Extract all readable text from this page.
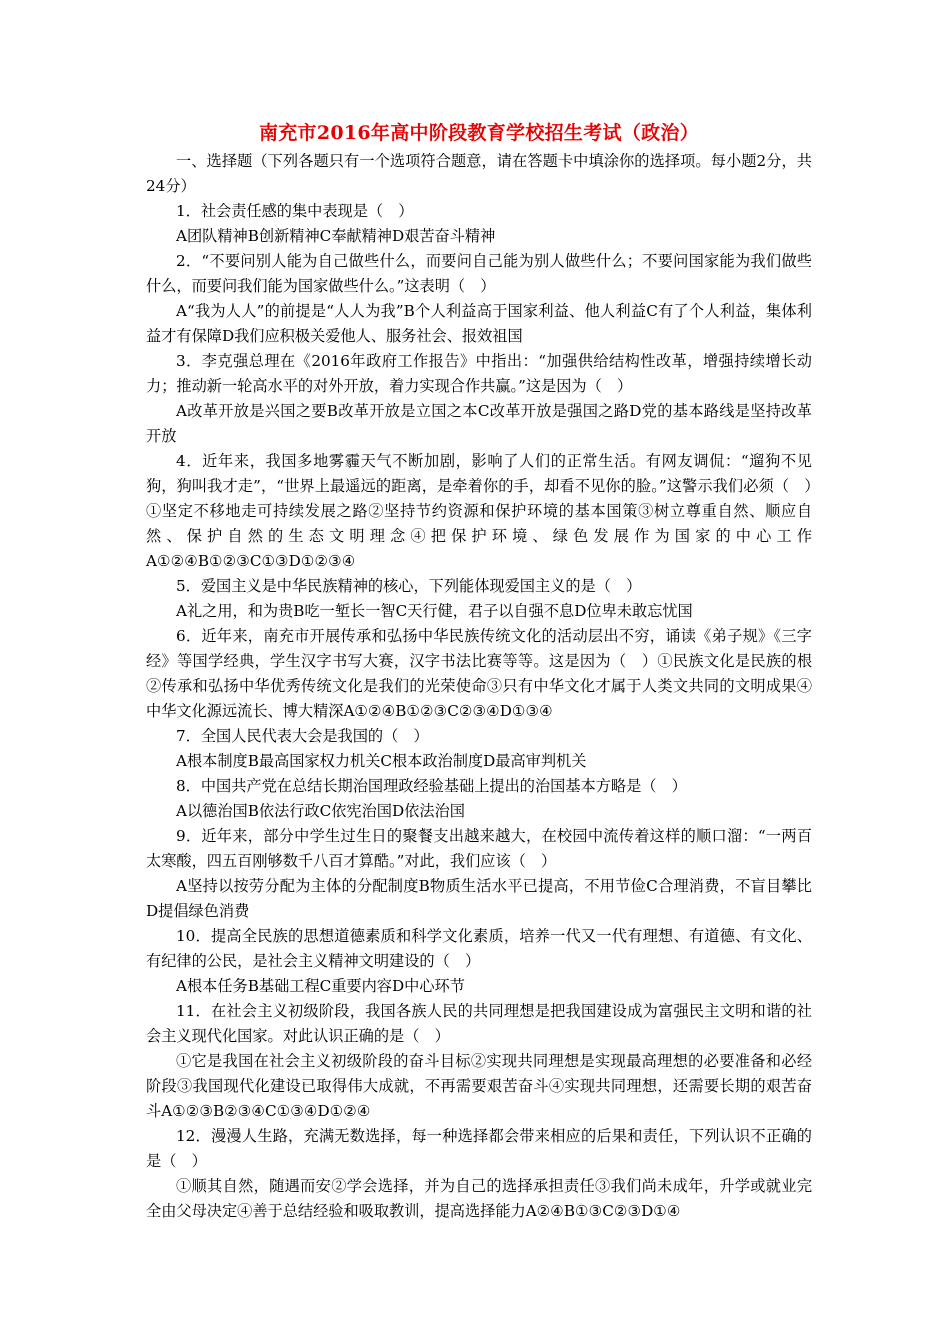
南充市2016年高中阶段教育学校招生考试（政治）

一、选择题（下列各题只有一个选项符合题意，请在答题卡中填涂你的选择项。每小题2分，共24分）

1．社会责任感的集中表现是（　）

A团队精神B创新精神C奉献精神D艰苦奋斗精神

2．“不要问别人能为自己做些什么，而要问自己能为别人做些什么；不要问国家能为我们做些什么，而要问我们能为国家做些什么。”这表明（　）

A“我为人人”的前提是“人人为我”B个人利益高于国家利益、他人利益C有了个人利益，集体利益才有保障D我们应积极关爱他人、服务社会、报效祖国

3．李克强总理在《2016年政府工作报告》中指出：“加强供给结构性改革，增强持续增长动力；推动新一轮高水平的对外开放，着力实现合作共赢。”这是因为（　）

A改革开放是兴国之要B改革开放是立国之本C改革开放是强国之路D党的基本路线是坚持改革开放

4．近年来，我国多地雾霾天气不断加剧，影响了人们的正常生活。有网友调侃：“遛狗不见狗，狗叫我才走”，“世界上最遥远的距离，是牵着你的手，却看不见你的脸。”这警示我们必须（　）①坚定不移地走可持续发展之路②坚持节约资源和保护环境的基本国策③树立尊重自然、顺应自然、保护自然的生态文明理念④把保护环境、绿色发展作为国家的中心工作A①②④B①②③C①③D①②③④

5．爱国主义是中华民族精神的核心，下列能体现爱国主义的是（　）

A礼之用，和为贵B吃一堑长一智C天行健，君子以自强不息D位卑未敢忘忧国

6．近年来，南充市开展传承和弘扬中华民族传统文化的活动层出不穷，诵读《弟子规》《三字经》等国学经典，学生汉字书写大赛，汉字书法比赛等等。这是因为（　）①民族文化是民族的根②传承和弘扬中华优秀传统文化是我们的光荣使命③只有中华文化才属于人类文共同的文明成果④中华文化源远流长、博大精深A①②④B①②③C②③④D①③④

7．全国人民代表大会是我国的（　）

A根本制度B最高国家权力机关C根本政治制度D最高审判机关

8．中国共产党在总结长期治国理政经验基础上提出的治国基本方略是（　）

A以德治国B依法行政C依宪治国D依法治国

9．近年来，部分中学生过生日的聚餐支出越来越大，在校园中流传着这样的顺口溜：“一两百太寒酸，四五百刚够数千八百才算酷。”对此，我们应该（　）

A坚持以按劳分配为主体的分配制度B物质生活水平已提高，不用节俭C合理消费，不盲目攀比D提倡绿色消费

10．提高全民族的思想道德素质和科学文化素质，培养一代又一代有理想、有道德、有文化、有纪律的公民，是社会主义精神文明建设的（　）

A根本任务B基础工程C重要内容D中心环节

11．在社会主义初级阶段，我国各族人民的共同理想是把我国建设成为富强民主文明和谐的社会主义现代化国家。对此认识正确的是（　）

①它是我国在社会主义初级阶段的奋斗目标②实现共同理想是实现最高理想的必要准备和必经阶段③我国现代化建设已取得伟大成就，不再需要艰苦奋斗④实现共同理想，还需要长期的艰苦奋斗A①②③B②③④C①③④D①②④

12．漫漫人生路，充满无数选择，每一种选择都会带来相应的后果和责任，下列认识不正确的是（　）

①顺其自然，随遇而安②学会选择，并为自己的选择承担责任③我们尚未成年，升学或就业完全由父母决定④善于总结经验和吸取教训，提高选择能力A②④B①③C②③D①④
